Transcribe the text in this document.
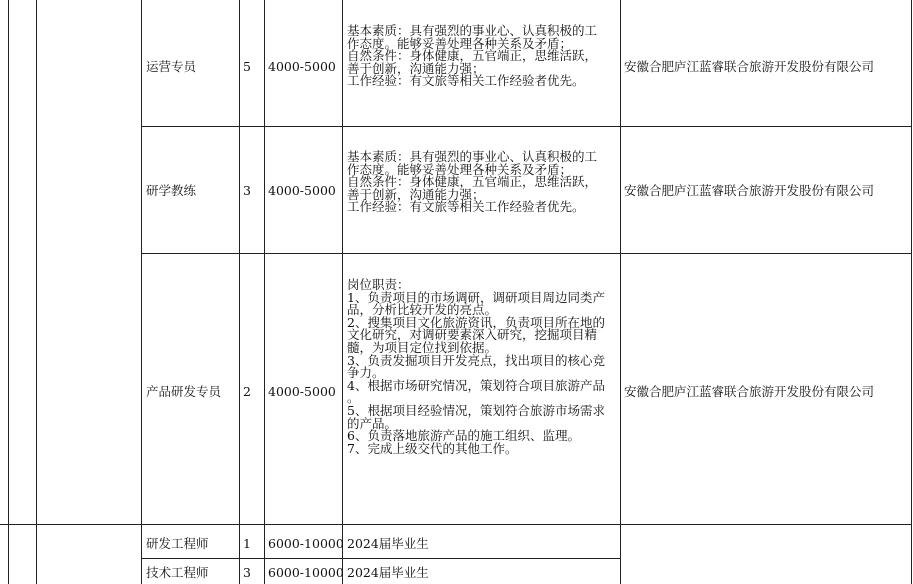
运营专员	5 4000-5000
基本素质：具有强烈的事业心、认真积极的工
作态度。能够妥善处理各种关系及矛盾；
自然条件：身体健康，五官端正，思维活跃，
善于创新，沟通能力强；
工作经验：有文旅等相关工作经验者优先。
安徽合肥庐江蓝睿联合旅游开发股份有限公司
研学教练	3 4000-5000
基本素质：具有强烈的事业心、认真积极的工
作态度。能够妥善处理各种关系及矛盾；
自然条件：身体健康，五官端正，思维活跃，
善于创新，沟通能力强；
工作经验：有文旅等相关工作经验者优先。
安徽合肥庐江蓝睿联合旅游开发股份有限公司
产品研发专员 2 4000-5000
岗位职责：
1、负责项目的市场调研，调研项目周边同类产
品，分析比较开发的亮点。
2、搜集项目文化旅游资讯，负责项目所在地的
文化研究，对调研要素深入研究，挖掘项目精
髓，为项目定位找到依据。
3、负责发掘项目开发亮点，找出项目的核心竞
争力。
4、根据市场研究情况，策划符合项目旅游产品
。
5、根据项目经验情况，策划符合旅游市场需求
的产品。
6、负责落地旅游产品的施工组织、监理。
7、完成上级交代的其他工作。
安徽合肥庐江蓝睿联合旅游开发股份有限公司
研发工程师	1 6000-10000 2024届毕业生
技术工程师	3 6000-10000 2024届毕业生
